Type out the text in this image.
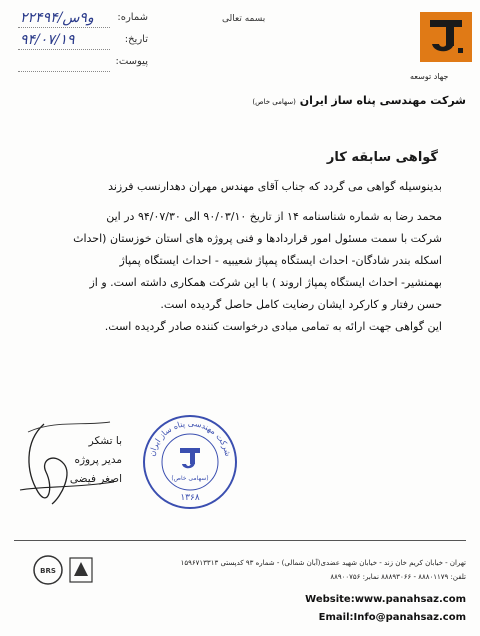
۲۲۴و۹س/۹۴ شماره:
۹۴/۰۷/۱۹	تاریخ:
پیوست:
بسمه تعالی
جهاد توسعه
شرکت مهندسی پناه ساز ایران (سهامی خاص)
گواهی سابقه کار

بدینوسیله گواهی می گردد که جناب آقای مهندس مهران دهدارنسب فرزند

محمد رضا به شماره شناسنامه ۱۴ از تاریخ ۹۰/۰۳/۱۰ الی ۹۴/۰۷/۳۰ در این

شرکت با سمت مسئول امور قراردادها و فنی پروژه های استان خوزستان (احداث

اسکله بندر شادگان- احداث ایستگاه پمپاژ شعیبیه - احداث ایستگاه پمپاژ

بهمنشیر- احداث ایستگاه پمپاژ اروند ) با این شرکت همکاری داشته است. و از

حسن رفتار و کارکرد ایشان رضایت کامل حاصل گردیده است.

این گواهی جهت ارائه به تمامی مبادی درخواست کننده صادر گردیده است.

با تشکر
مدیر پروژه
اصغر فیضی
شرکت مهندسی پناه ساز ایران
(سهامی خاص)
۱۳۶۸
BRS
تهران - خیابان کریم خان زند - خیابان شهید عضدی(آبان شمالی) - شماره ۹۳ کدپستی ۱۵۹۶۷۱۳۳۱۳
تلفن: ۸۸۸۰۱۱۷۹ - ۸۸۸۹۳۰۶۶ نمابر: ۸۸۹۰۰۷۵۶
Website:www.panahsaz.com
Email:Info@panahsaz.com
